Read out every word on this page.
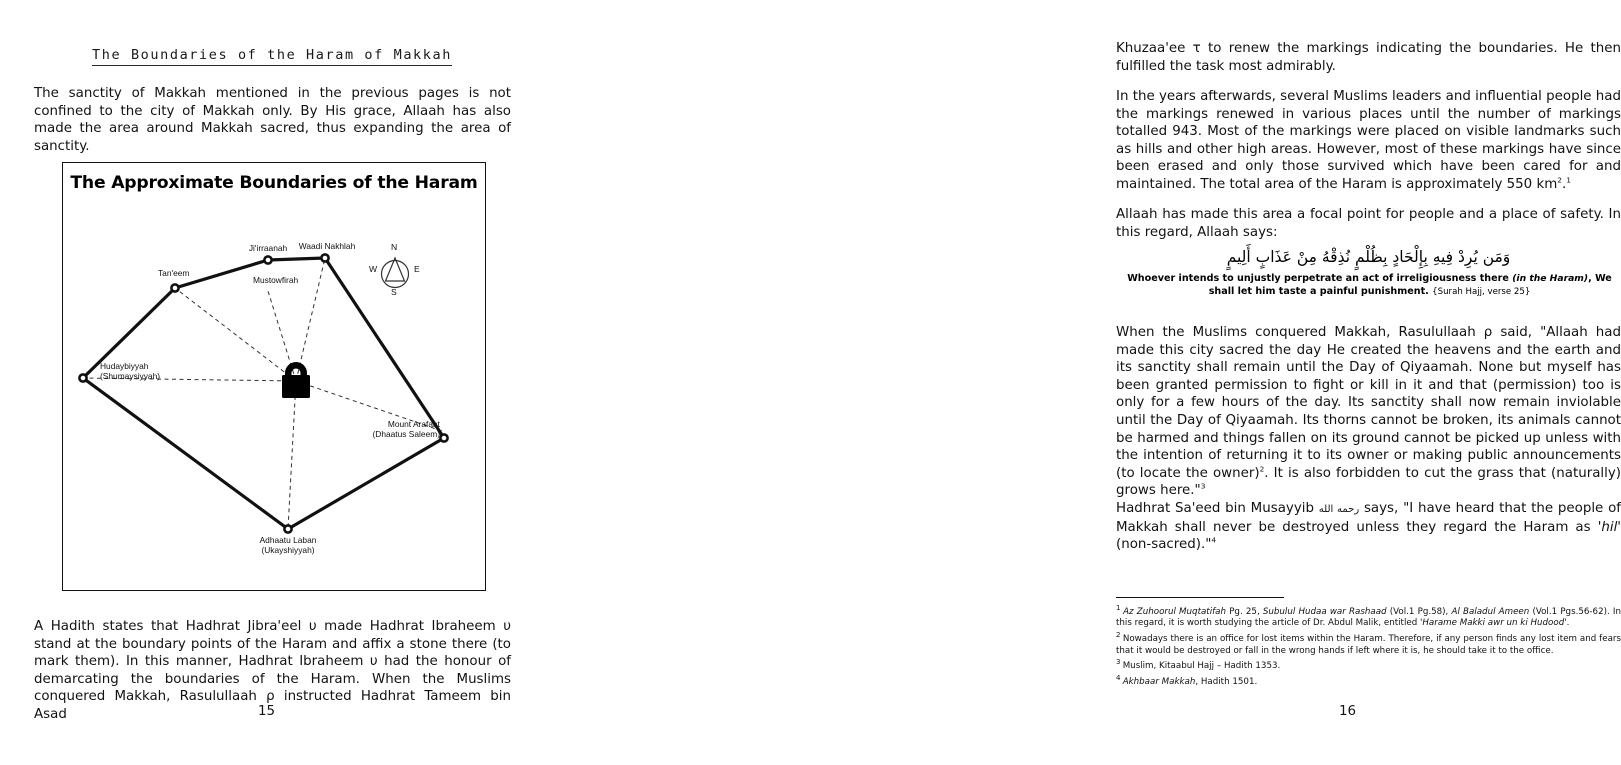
The Boundaries of the Haram of Makkah
The sanctity of Makkah mentioned in the previous pages is not confined to the city of Makkah only. By His grace, Allaah has also made the area around Makkah sacred, thus expanding the area of sanctity.
The Approximate Boundaries of the Haram
N
S
E
W
Waadi Nakhlah
Ji'irraanah
Mustowfirah
Tan'eem
Hudaybiyyah
(Shumaysiyyah)
Mount Arafaat
(Dhaatus Saleem)
Adhaatu Laban
(Ukayshiyyah)
A Hadith states that Hadhrat Jibra'eel υ made Hadhrat Ibraheem υ stand at the boundary points of the Haram and affix a stone there (to mark them). In this manner, Hadhrat Ibraheem υ had the honour of demarcating the boundaries of the Haram. When the Muslims conquered Makkah, Rasulullaah ρ instructed Hadhrat Tameem bin Asad	15
Khuzaa'ee τ to renew the markings indicating the boundaries. He then fulfilled the task most admirably.
In the years afterwards, several Muslims leaders and influential people had the markings renewed in various places until the number of markings totalled 943. Most of the markings were placed on visible landmarks such as hills and other high areas. However, most of these markings have since been erased and only those survived which have been cared for and maintained. The total area of the Haram is approximately 550 km$^2$.$^1$
Allaah has made this area a focal point for people and a place of safety. In this regard, Allaah says:
وَمَن يُرِدْ فِيهِ بِإِلْحَادٍ بِظُلْمٍ نُذِقْهُ مِنْ عَذَابٍ أَلِيمٍ
Whoever intends to unjustly perpetrate an act of irreligiousness there (in the Haram), We shall let him taste a painful punishment. {Surah Hajj, verse 25}
When the Muslims conquered Makkah, Rasulullaah ρ said, "Allaah had made this city sacred the day He created the heavens and the earth and its sanctity shall remain until the Day of Qiyaamah. None but myself has been granted permission to fight or kill in it and that (permission) too is only for a few hours of the day. Its sanctity shall now remain inviolable until the Day of Qiyaamah. Its thorns cannot be broken, its animals cannot be harmed and things fallen on its ground cannot be picked up unless with the intention of returning it to its owner or making public announcements (to locate the owner)$^2$. It is also forbidden to cut the grass that (naturally) grows here."$^3$
Hadhrat Sa'eed bin Musayyib رحمه الله says, "I have heard that the people of Makkah shall never be destroyed unless they regard the Haram as 'hil' (non-sacred)."$^4$

$^1$ Az Zuhoorul Muqtatifah Pg. 25, Subulul Hudaa war Rashaad (Vol.1 Pg.58), Al Baladul Ameen (Vol.1 Pgs.56-62). In this regard, it is worth studying the article of Dr. Abdul Malik, entitled 'Harame Makki awr un ki Hudood'.

$^2$ Nowadays there is an office for lost items within the Haram. Therefore, if any person finds any lost item and fears that it would be destroyed or fall in the wrong hands if left where it is, he should take it to the office.

$^3$ Muslim, Kitaabul Hajj – Hadith 1353.

$^4$ Akhbaar Makkah, Hadith 1501.

16
